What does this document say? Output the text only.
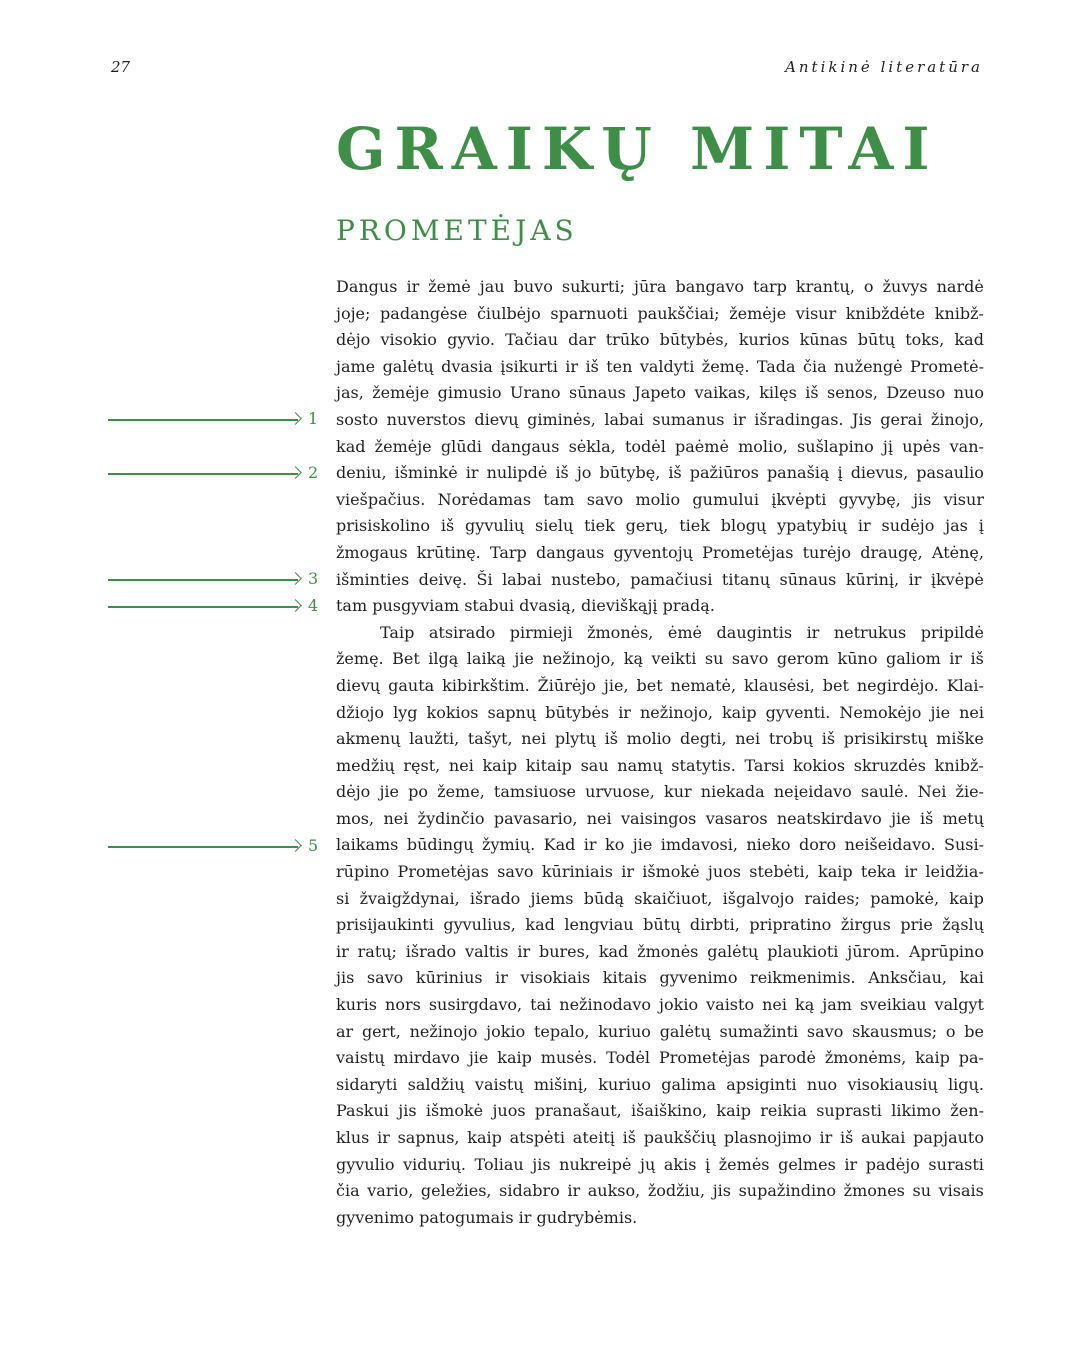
27	Antikinė literatūra
GRAIKŲ MITAI
PROMETĖJAS
1
2
3
4
5
Dangus ir žemė jau buvo sukurti; jūra bangavo tarp krantų, o žuvys nardė
joje; padangėse čiulbėjo sparnuoti paukščiai; žemėje visur knibždėte knibž-
dėjo visokio gyvio. Tačiau dar trūko būtybės, kurios kūnas būtų toks, kad
jame galėtų dvasia įsikurti ir iš ten valdyti žemę. Tada čia nužengė Prometė-
jas, žemėje gimusio Urano sūnaus Japeto vaikas, kilęs iš senos, Dzeuso nuo
sosto nuverstos dievų giminės, labai sumanus ir išradingas. Jis gerai žinojo,
kad žemėje glūdi dangaus sėkla, todėl paėmė molio, sušlapino jį upės van-
deniu, išminkė ir nulipdė iš jo būtybę, iš pažiūros panašią į dievus, pasaulio
viešpačius. Norėdamas tam savo molio gumului įkvėpti gyvybę, jis visur
prisiskolino iš gyvulių sielų tiek gerų, tiek blogų ypatybių ir sudėjo jas į
žmogaus krūtinę. Tarp dangaus gyventojų Prometėjas turėjo draugę, Atėnę,
išminties deivę. Ši labai nustebo, pamačiusi titanų sūnaus kūrinį, ir įkvėpė
tam pusgyviam stabui dvasią, dieviškąjį pradą.
Taip atsirado pirmieji žmonės, ėmė daugintis ir netrukus pripildė
žemę. Bet ilgą laiką jie nežinojo, ką veikti su savo gerom kūno galiom ir iš
dievų gauta kibirkštim. Žiūrėjo jie, bet nematė, klausėsi, bet negirdėjo. Klai-
džiojo lyg kokios sapnų būtybės ir nežinojo, kaip gyventi. Nemokėjo jie nei
akmenų laužti, tašyt, nei plytų iš molio degti, nei trobų iš prisikirstų miške
medžių ręst, nei kaip kitaip sau namų statytis. Tarsi kokios skruzdės knibž-
dėjo jie po žeme, tamsiuose urvuose, kur niekada neįeidavo saulė. Nei žie-
mos, nei žydinčio pavasario, nei vaisingos vasaros neatskirdavo jie iš metų
laikams būdingų žymių. Kad ir ko jie imdavosi, nieko doro neišeidavo. Susi-
rūpino Prometėjas savo kūriniais ir išmokė juos stebėti, kaip teka ir leidžia-
si žvaigždynai, išrado jiems būdą skaičiuot, išgalvojo raides; pamokė, kaip
prisijaukinti gyvulius, kad lengviau būtų dirbti, pripratino žirgus prie žąslų
ir ratų; išrado valtis ir bures, kad žmonės galėtų plaukioti jūrom. Aprūpino
jis savo kūrinius ir visokiais kitais gyvenimo reikmenimis. Anksčiau, kai
kuris nors susirgdavo, tai nežinodavo jokio vaisto nei ką jam sveikiau valgyt
ar gert, nežinojo jokio tepalo, kuriuo galėtų sumažinti savo skausmus; o be
vaistų mirdavo jie kaip musės. Todėl Prometėjas parodė žmonėms, kaip pa-
sidaryti saldžių vaistų mišinį, kuriuo galima apsiginti nuo visokiausių ligų.
Paskui jis išmokė juos pranašaut, išaiškino, kaip reikia suprasti likimo žen-
klus ir sapnus, kaip atspėti ateitį iš paukščių plasnojimo ir iš aukai papjauto
gyvulio vidurių. Toliau jis nukreipė jų akis į žemės gelmes ir padėjo surasti
čia vario, geležies, sidabro ir aukso, žodžiu, jis supažindino žmones su visais
gyvenimo patogumais ir gudrybėmis.
